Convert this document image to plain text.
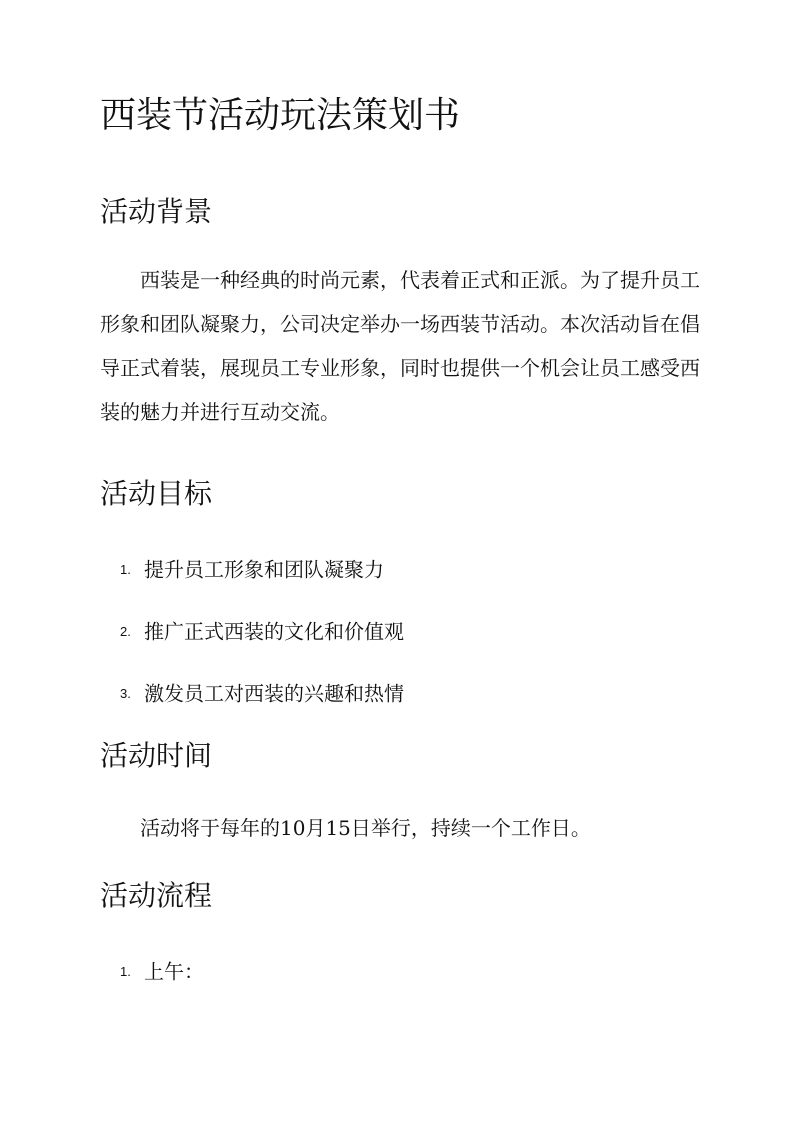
西装节活动玩法策划书
活动背景

西装是一种经典的时尚元素，代表着正式和正派。为了提升员工形象和团队凝聚力，公司决定举办一场西装节活动。本次活动旨在倡导正式着装，展现员工专业形象，同时也提供一个机会让员工感受西装的魅力并进行互动交流。

活动目标
1. 提升员工形象和团队凝聚力
2. 推广正式西装的文化和价值观
3. 激发员工对西装的兴趣和热情
活动时间

活动将于每年的10月15日举行，持续一个工作日。

活动流程
1. 上午：
